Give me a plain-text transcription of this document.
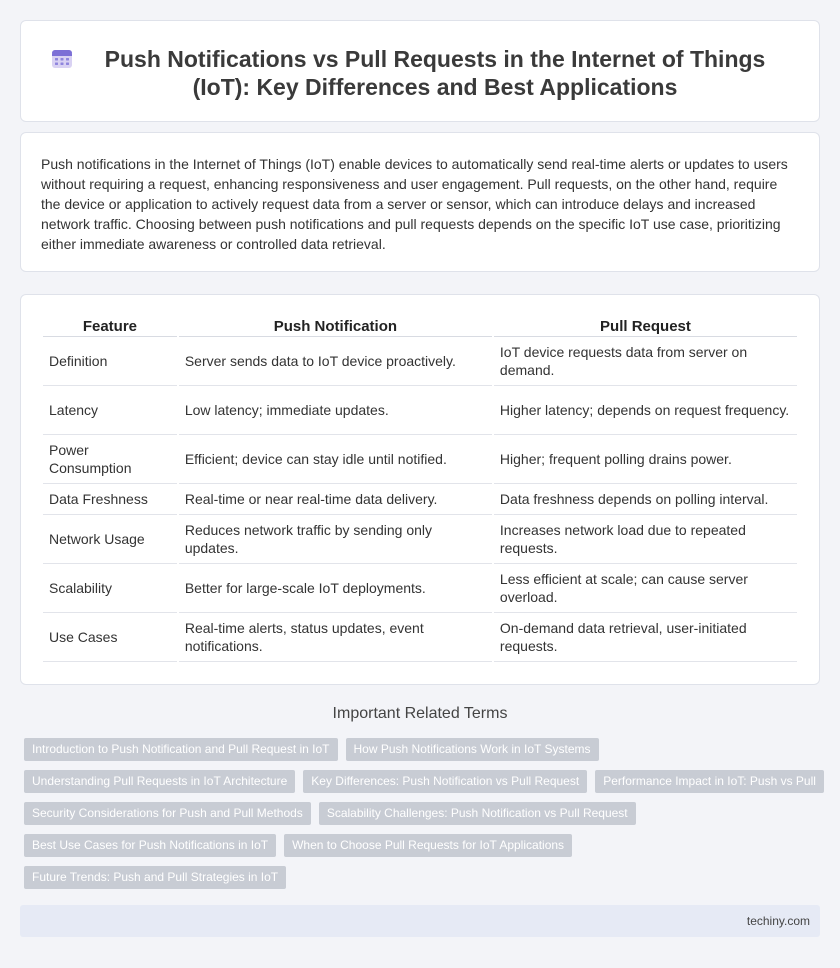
Push Notifications vs Pull Requests in the Internet of Things (IoT): Key Differences and Best Applications

Push notifications in the Internet of Things (IoT) enable devices to automatically send real-time alerts or updates to users without requiring a request, enhancing responsiveness and user engagement. Pull requests, on the other hand, require the device or application to actively request data from a server or sensor, which can introduce delays and increased network traffic. Choosing between push notifications and pull requests depends on the specific IoT use case, prioritizing either immediate awareness or controlled data retrieval.

Feature	Push Notification	Pull Request
Definition	Server sends data to IoT device proactively.	IoT device requests data from server on demand.
Latency	Low latency; immediate updates.	Higher latency; depends on request frequency.
Power Consumption	Efficient; device can stay idle until notified.	Higher; frequent polling drains power.
Data Freshness	Real-time or near real-time data delivery.	Data freshness depends on polling interval.
Network Usage	Reduces network traffic by sending only updates.	Increases network load due to repeated requests.
Scalability	Better for large-scale IoT deployments.	Less efficient at scale; can cause server overload.
Use Cases	Real-time alerts, status updates, event notifications.	On-demand data retrieval, user-initiated requests.
Important Related Terms
Introduction to Push Notification and Pull Request in IoT	How Push Notifications Work in IoT Systems
Understanding Pull Requests in IoT Architecture	Key Differences: Push Notification vs Pull Request	Performance Impact in IoT: Push vs Pull
Security Considerations for Push and Pull Methods	Scalability Challenges: Push Notification vs Pull Request
Best Use Cases for Push Notifications in IoT	When to Choose Pull Requests for IoT Applications
Future Trends: Push and Pull Strategies in IoT
techiny.com
